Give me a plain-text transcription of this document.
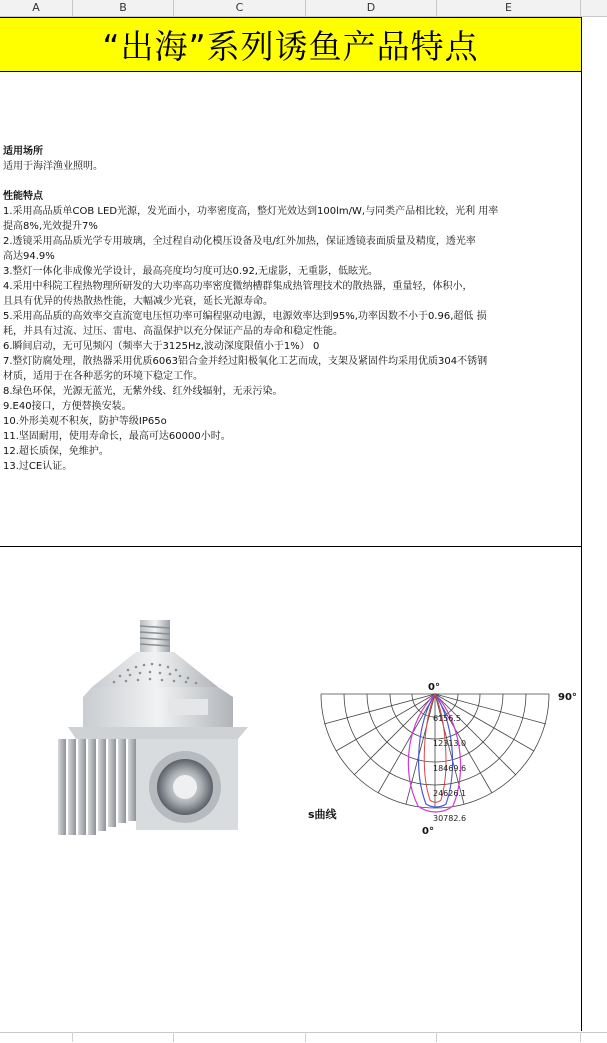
A	B	C	D	E
“出海”系列诱鱼产品特点
适用场所
适用于海洋渔业照明。
性能特点
1.采用高品质单COB LED光源，发光面小，功率密度高，整灯光效达到100lm/W,与同类产品相比较，光利 用率
提高8%,光效提升7%
2.透镜采用高品质光学专用玻璃，全过程自动化模压设备及电/红外加热，保证透镜表面质量及精度，透光率
高达94.9%
3.整灯一体化非成像光学设计，最高亮度均匀度可达0.92,无虚影，无重影，低眩光。
4.采用中科院工程热物理所研发的大功率高功率密度微纳槽群集成热管理技术的散热器，重量轻，体积小，
且具有优异的传热散热性能，大幅减少光衰，延长光源寿命。
5.采用高品质的高效率交直流宽电压恒功率可编程驱动电源，电源效率达到95%,功率因数不小于0.96,超低 损
耗，并具有过流、过压、雷电、高温保护以充分保证产品的寿命和稳定性能。
6.瞬间启动，无可见频闪（频率大于3125Hz,波动深度限值小于1%） 0
7.整灯防腐处理，散热器采用优质6063铝合金并经过阳极氧化工艺而成，支架及紧固件均采用优质304不锈钢
材质，适用于在各种恶劣的环境下稳定工作。
8.绿色环保，光源无蓝光，无紫外线、红外线辐射，无汞污染。
9.E40接口，方便替换安装。
10.外形美观不积灰，防护等级IP65o
11.坚固耐用，使用寿命长，最高可达60000小时。
12.超长质保，免维护。
13.过CE认证。
0°
90°
0°
s曲线
6156.5
12313.0
18469.6
24626.1
30782.6
